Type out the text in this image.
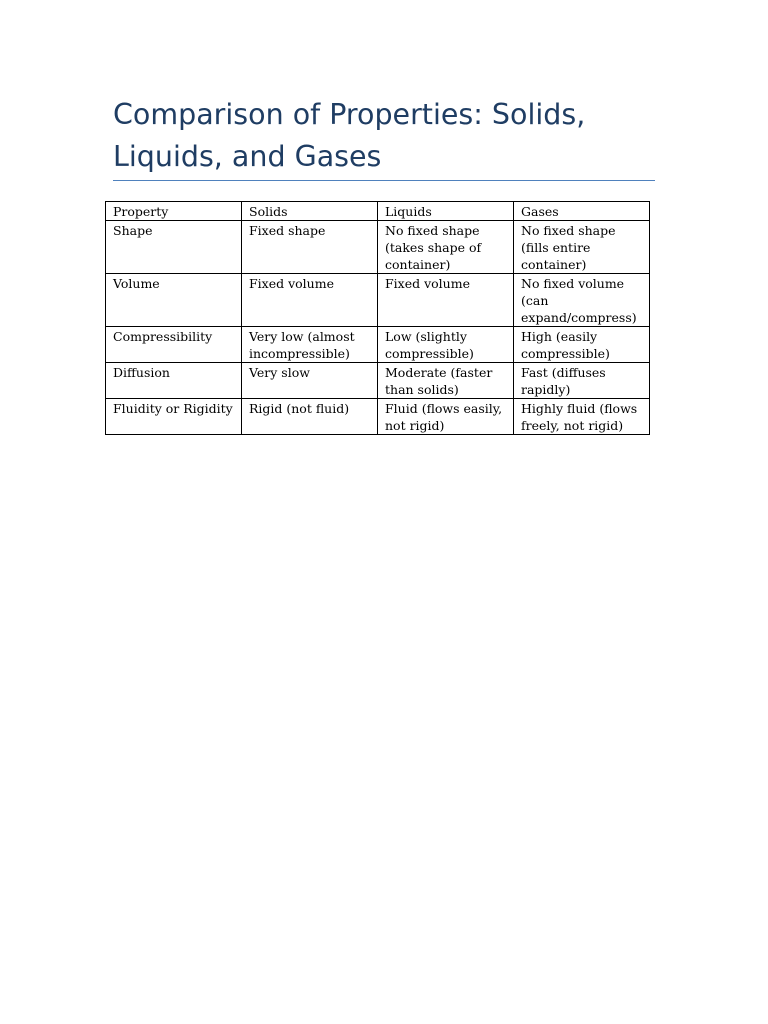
Comparison of Properties: Solids, Liquids, and Gases
Property	Solids	Liquids	Gases
Shape	Fixed shape	No fixed shape (takes shape of container)	No fixed shape (fills entire container)
Volume	Fixed volume	Fixed volume	No fixed volume (can expand/compress)
Compressibility	Very low (almost incompressible)	Low (slightly compressible)	High (easily compressible)
Diffusion	Very slow	Moderate (faster than solids)	Fast (diffuses rapidly)
Fluidity or Rigidity	Rigid (not fluid)	Fluid (flows easily, not rigid)	Highly fluid (flows freely, not rigid)
